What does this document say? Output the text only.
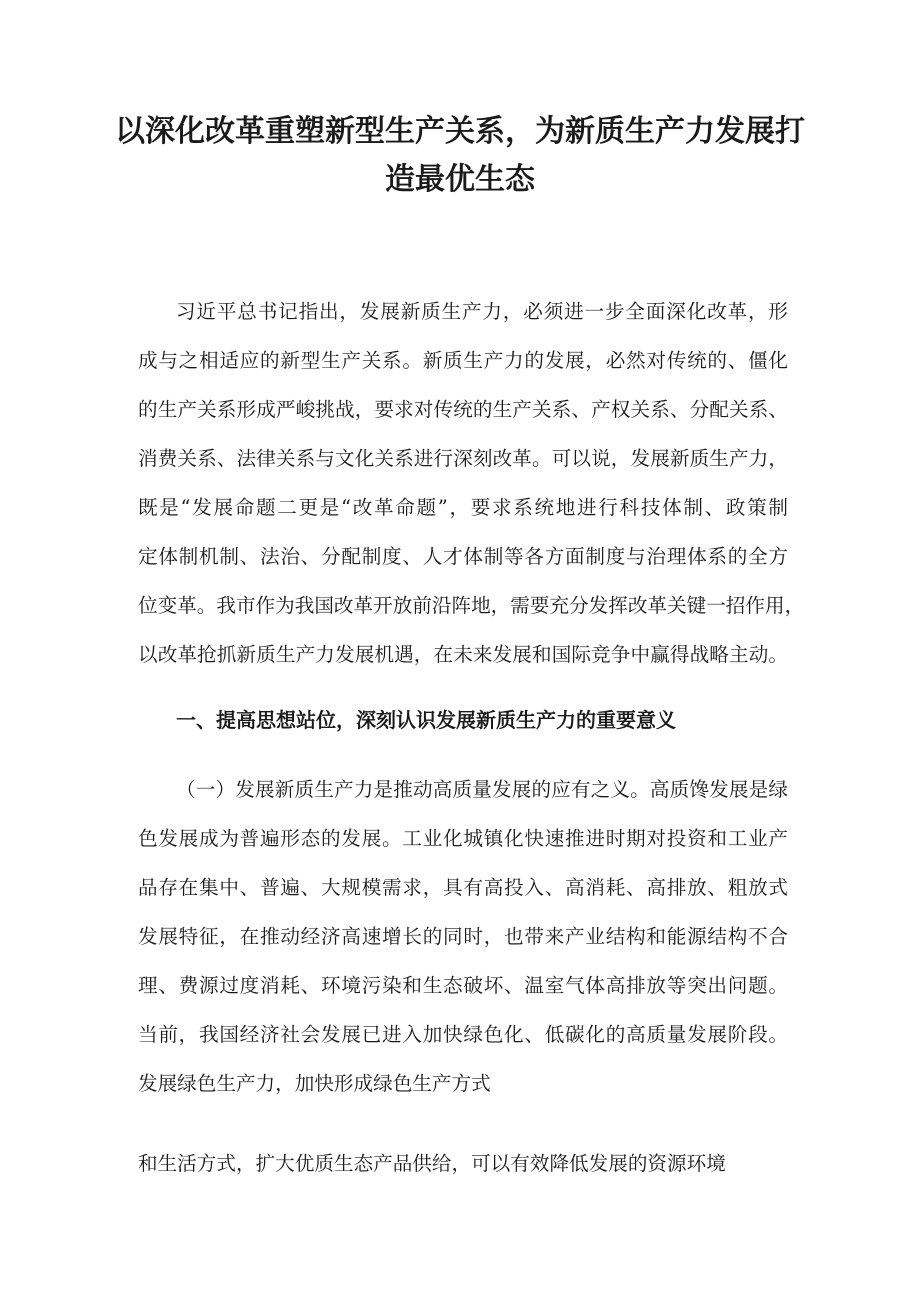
以深化改革重塑新型生产关系，为新质生产力发展打
造最优生态

习近平总书记指出，发展新质生产力，必须进一步全面深化改革，形

成与之相适应的新型生产关系。新质生产力的发展，必然对传统的、僵化

的生产关系形成严峻挑战，要求对传统的生产关系、产权关系、分配关系、

消费关系、法律关系与文化关系进行深刻改革。可以说，发展新质生产力，

既是“发展命题二更是“改革命题”，要求系统地进行科技体制、政策制

定体制机制、法治、分配制度、人才体制等各方面制度与治理体系的全方

位变革。我市作为我国改革开放前沿阵地，需要充分发挥改革关键一招作用，

以改革抢抓新质生产力发展机遇，在未来发展和国际竞争中赢得战略主动。

一、提高思想站位，深刻认识发展新质生产力的重要意义

（一）发展新质生产力是推动高质量发展的应有之义。高质馋发展是绿

色发展成为普遍形态的发展。工业化城镇化快速推进时期对投资和工业产

品存在集中、普遍、大规模需求，具有高投入、高消耗、高排放、粗放式

发展特征，在推动经济高速增长的同时，也带来产业结构和能源结构不合

理、费源过度消耗、环境污染和生态破坏、温室气体高排放等突出问题。

当前，我国经济社会发展已进入加快绿色化、低碳化的高质量发展阶段。

发展绿色生产力，加快形成绿色生产方式

和生活方式，扩大优质生态产品供给，可以有效降低发展的资源环境
